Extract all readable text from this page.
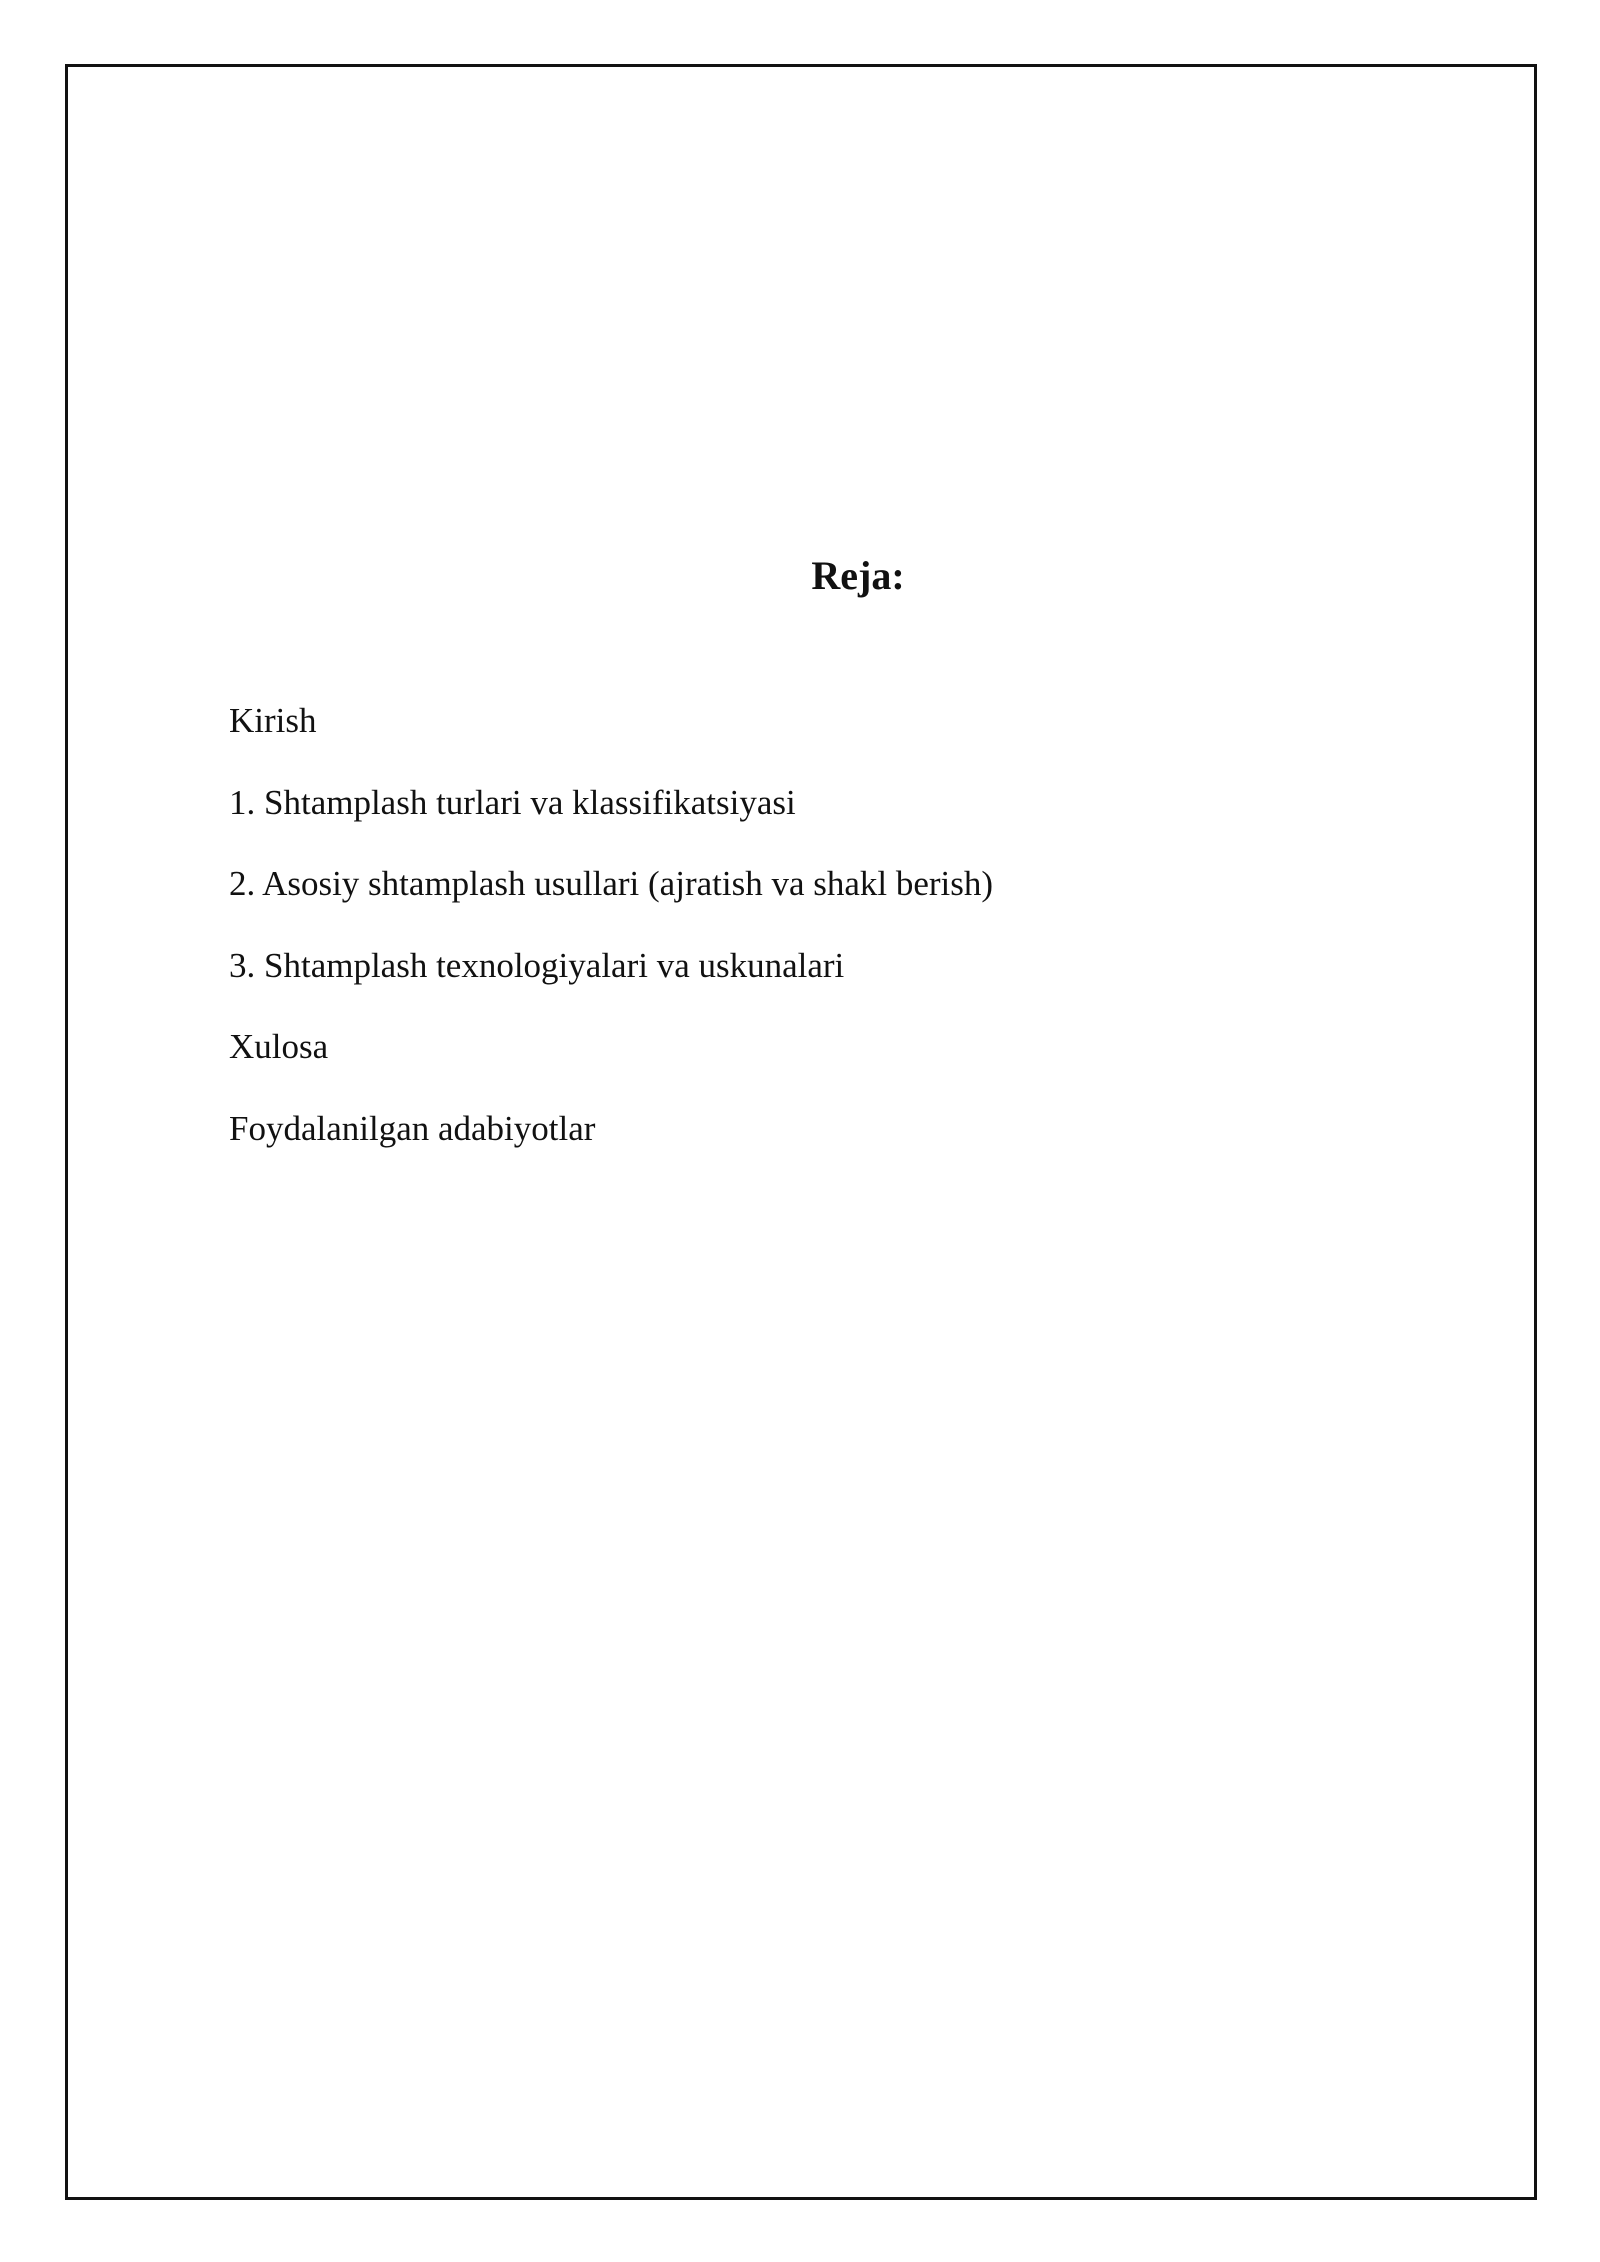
Reja:
Kirish
1. Shtamplash turlari va klassifikatsiyasi
2. Asosiy shtamplash usullari (ajratish va shakl berish)
3. Shtamplash texnologiyalari va uskunalari
Xulosa
Foydalanilgan adabiyotlar
